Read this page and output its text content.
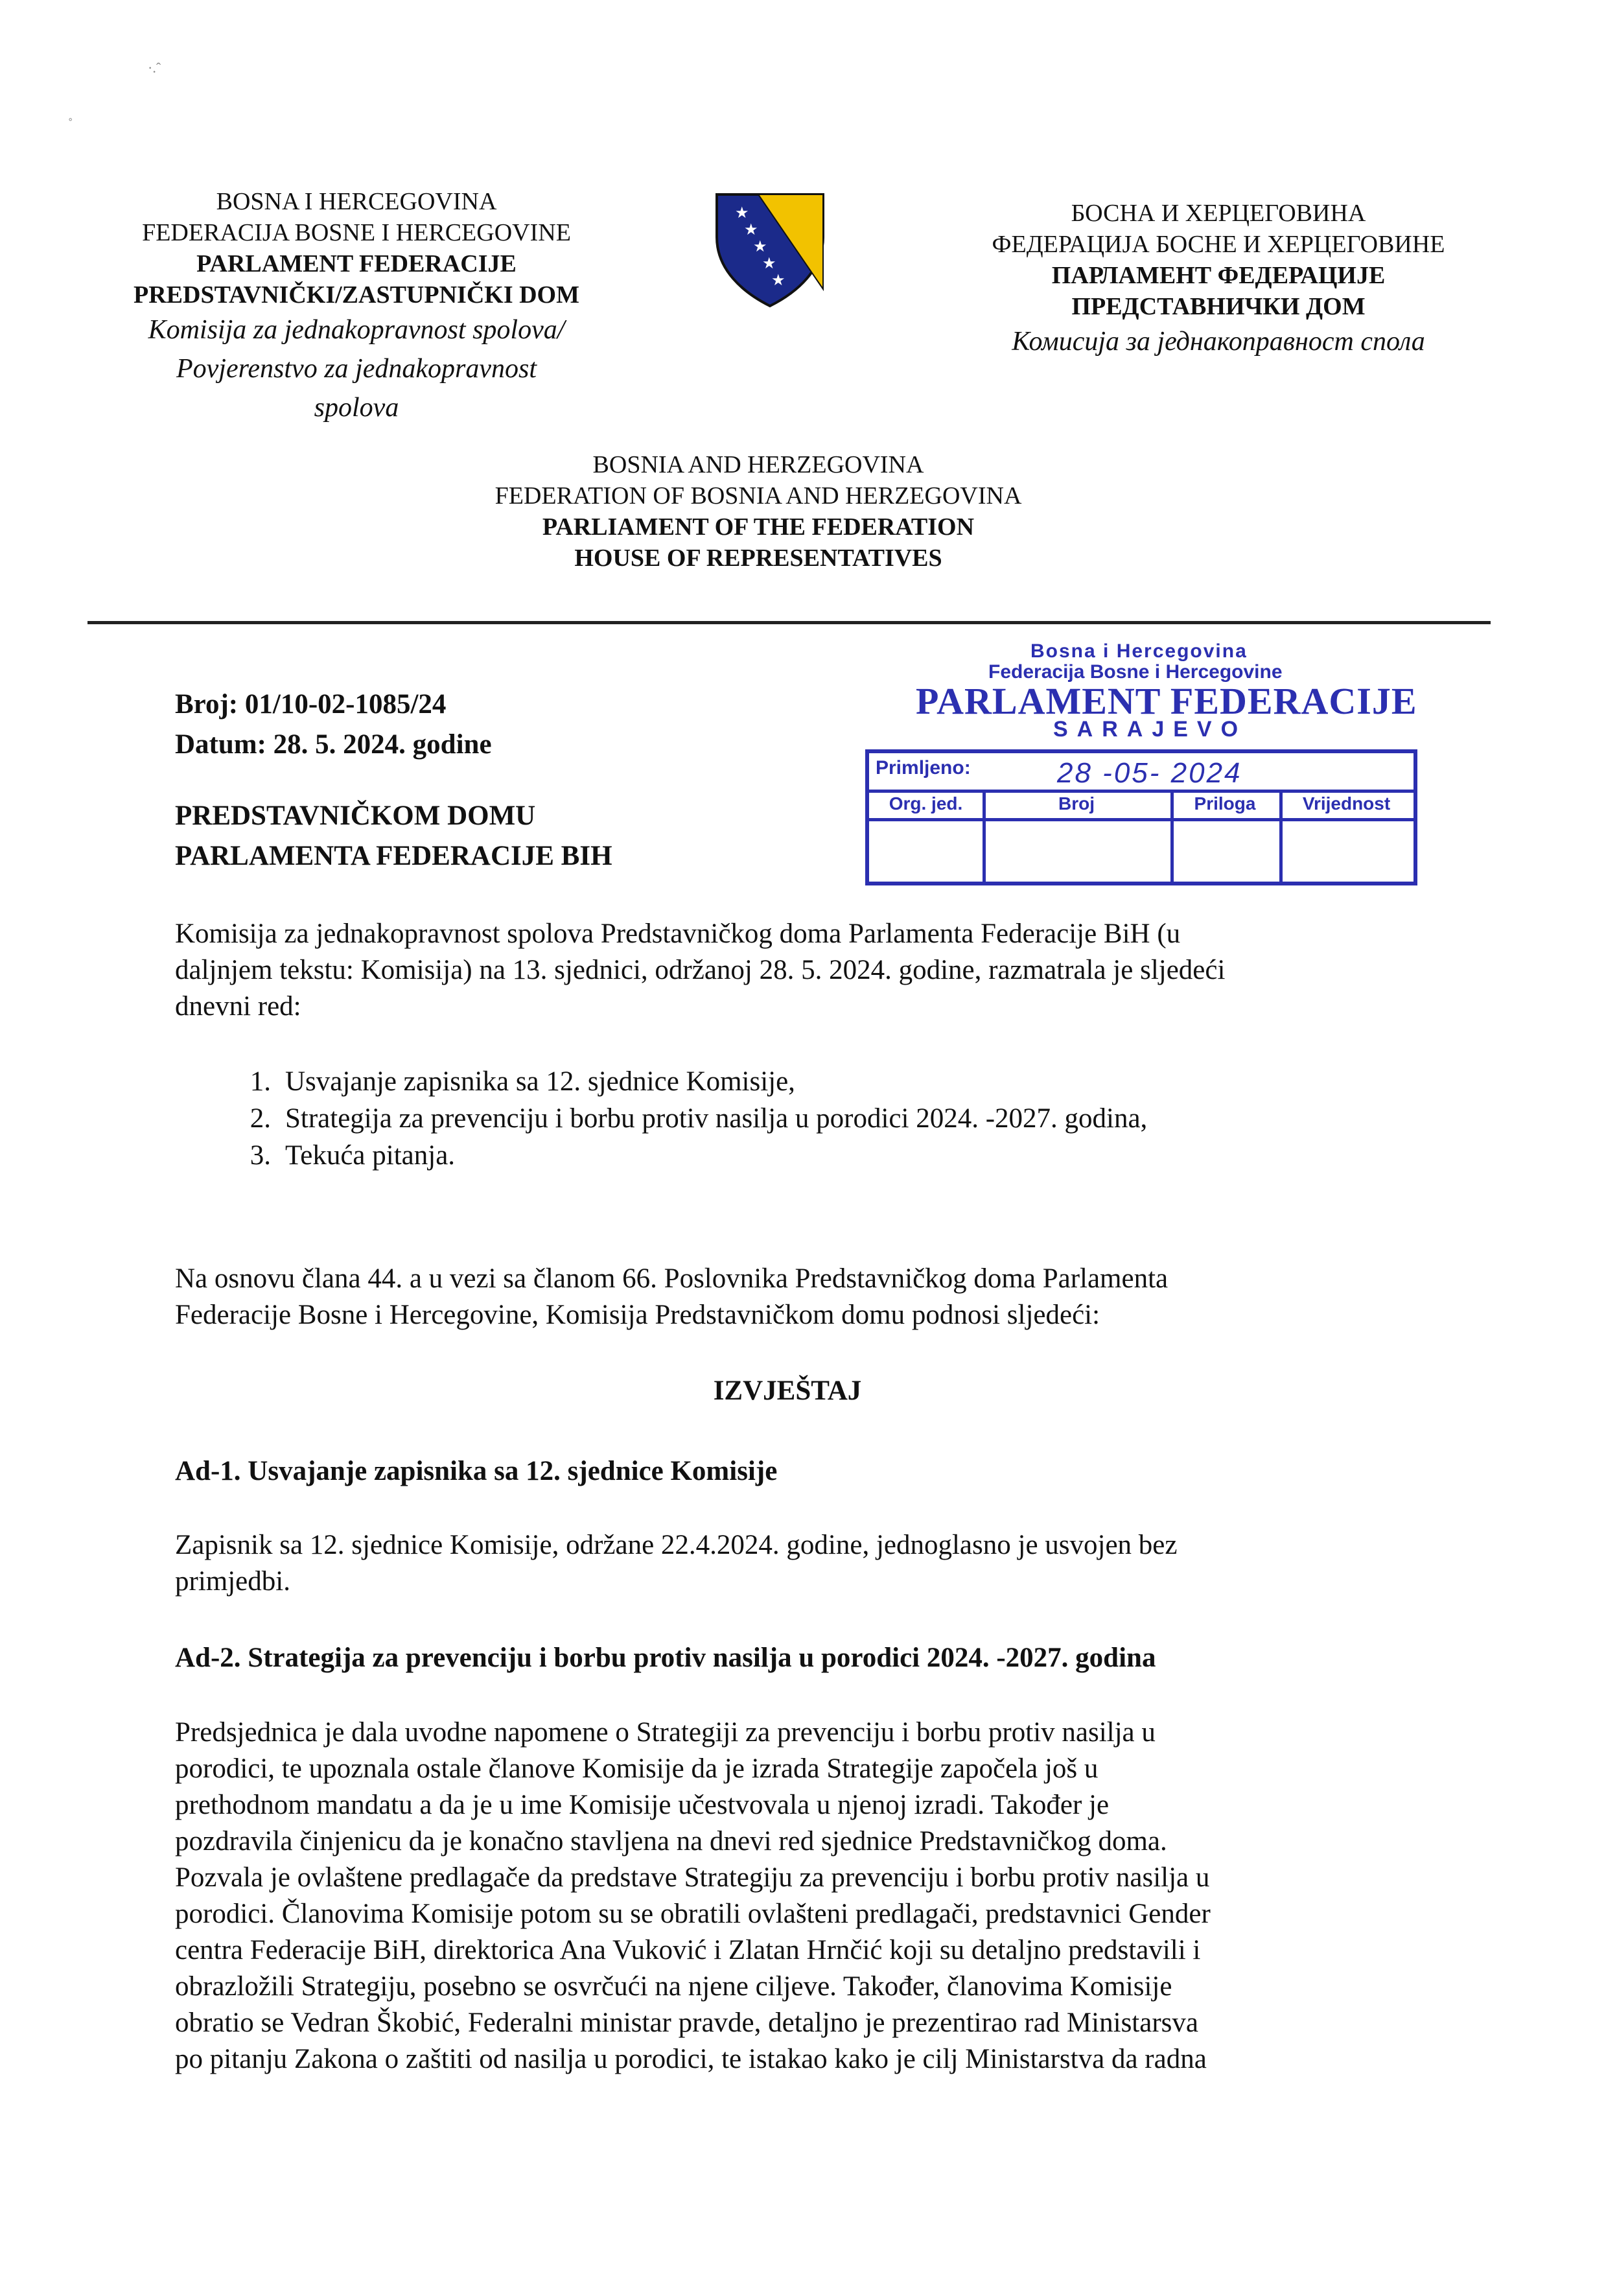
·.ˆ
˚
BOSNA I HERCEGOVINA
FEDERACIJA BOSNE I HERCEGOVINE
PARLAMENT FEDERACIJE
PREDSTAVNIČKI/ZASTUPNIČKI DOM
Komisija za jednakopravnost spolova/
Povjerenstvo za jednakopravnost
spolova
★
★
★
★
★
БОСНА И ХЕРЦЕГОВИНА
ФЕДЕРАЦИЈА БОСНЕ И ХЕРЦЕГОВИНЕ
ПАРЛАМЕНТ ФЕДЕРАЦИЈЕ
ПРЕДСТАВНИЧКИ ДОМ
Комисија за једнакоправност спола
BOSNIA AND HERZEGOVINA
FEDERATION OF BOSNIA AND HERZEGOVINA
PARLIAMENT OF THE FEDERATION
HOUSE OF REPRESENTATIVES
Bosna i Hercegovina
Federacija Bosne i Hercegovine
PARLAMENT FEDERACIJE
SARAJEVO
Primljeno:	28 -05- 2024
Org. jed.	Broj	Priloga	Vrijednost
Broj: 01/10-02-1085/24
Datum: 28. 5. 2024. godine
PREDSTAVNIČKOM DOMU
PARLAMENTA FEDERACIJE BIH
Komisija za jednakopravnost spolova Predstavničkog doma Parlamenta Federacije BiH (u
daljnjem tekstu: Komisija) na 13. sjednici, održanoj 28. 5. 2024. godine, razmatrala je sljedeći
dnevni red:
1. Usvajanje zapisnika sa 12. sjednice Komisije,
2. Strategija za prevenciju i borbu protiv nasilja u porodici 2024. -2027. godina,
3. Tekuća pitanja.
Na osnovu člana 44. a u vezi sa članom 66. Poslovnika Predstavničkog doma Parlamenta
Federacije Bosne i Hercegovine, Komisija Predstavničkom domu podnosi sljedeći:
IZVJEŠTAJ
Ad-1. Usvajanje zapisnika sa 12. sjednice Komisije
Zapisnik sa 12. sjednice Komisije, održane 22.4.2024. godine, jednoglasno je usvojen bez
primjedbi.
Ad-2. Strategija za prevenciju i borbu protiv nasilja u porodici 2024. -2027. godina
Predsjednica je dala uvodne napomene o Strategiji za prevenciju i borbu protiv nasilja u
porodici, te upoznala ostale članove Komisije da je izrada Strategije započela još u
prethodnom mandatu a da je u ime Komisije učestvovala u njenoj izradi. Također je
pozdravila činjenicu da je konačno stavljena na dnevi red sjednice Predstavničkog doma.
Pozvala je ovlaštene predlagače da predstave Strategiju za prevenciju i borbu protiv nasilja u
porodici. Članovima Komisije potom su se obratili ovlašteni predlagači, predstavnici Gender
centra Federacije BiH, direktorica Ana Vuković i Zlatan Hrnčić koji su detaljno predstavili i
obrazložili Strategiju, posebno se osvrčući na njene ciljeve. Također, članovima Komisije
obratio se Vedran Škobić, Federalni ministar pravde, detaljno je prezentirao rad Ministarsva
po pitanju Zakona o zaštiti od nasilja u porodici, te istakao kako je cilj Ministarstva da radna
